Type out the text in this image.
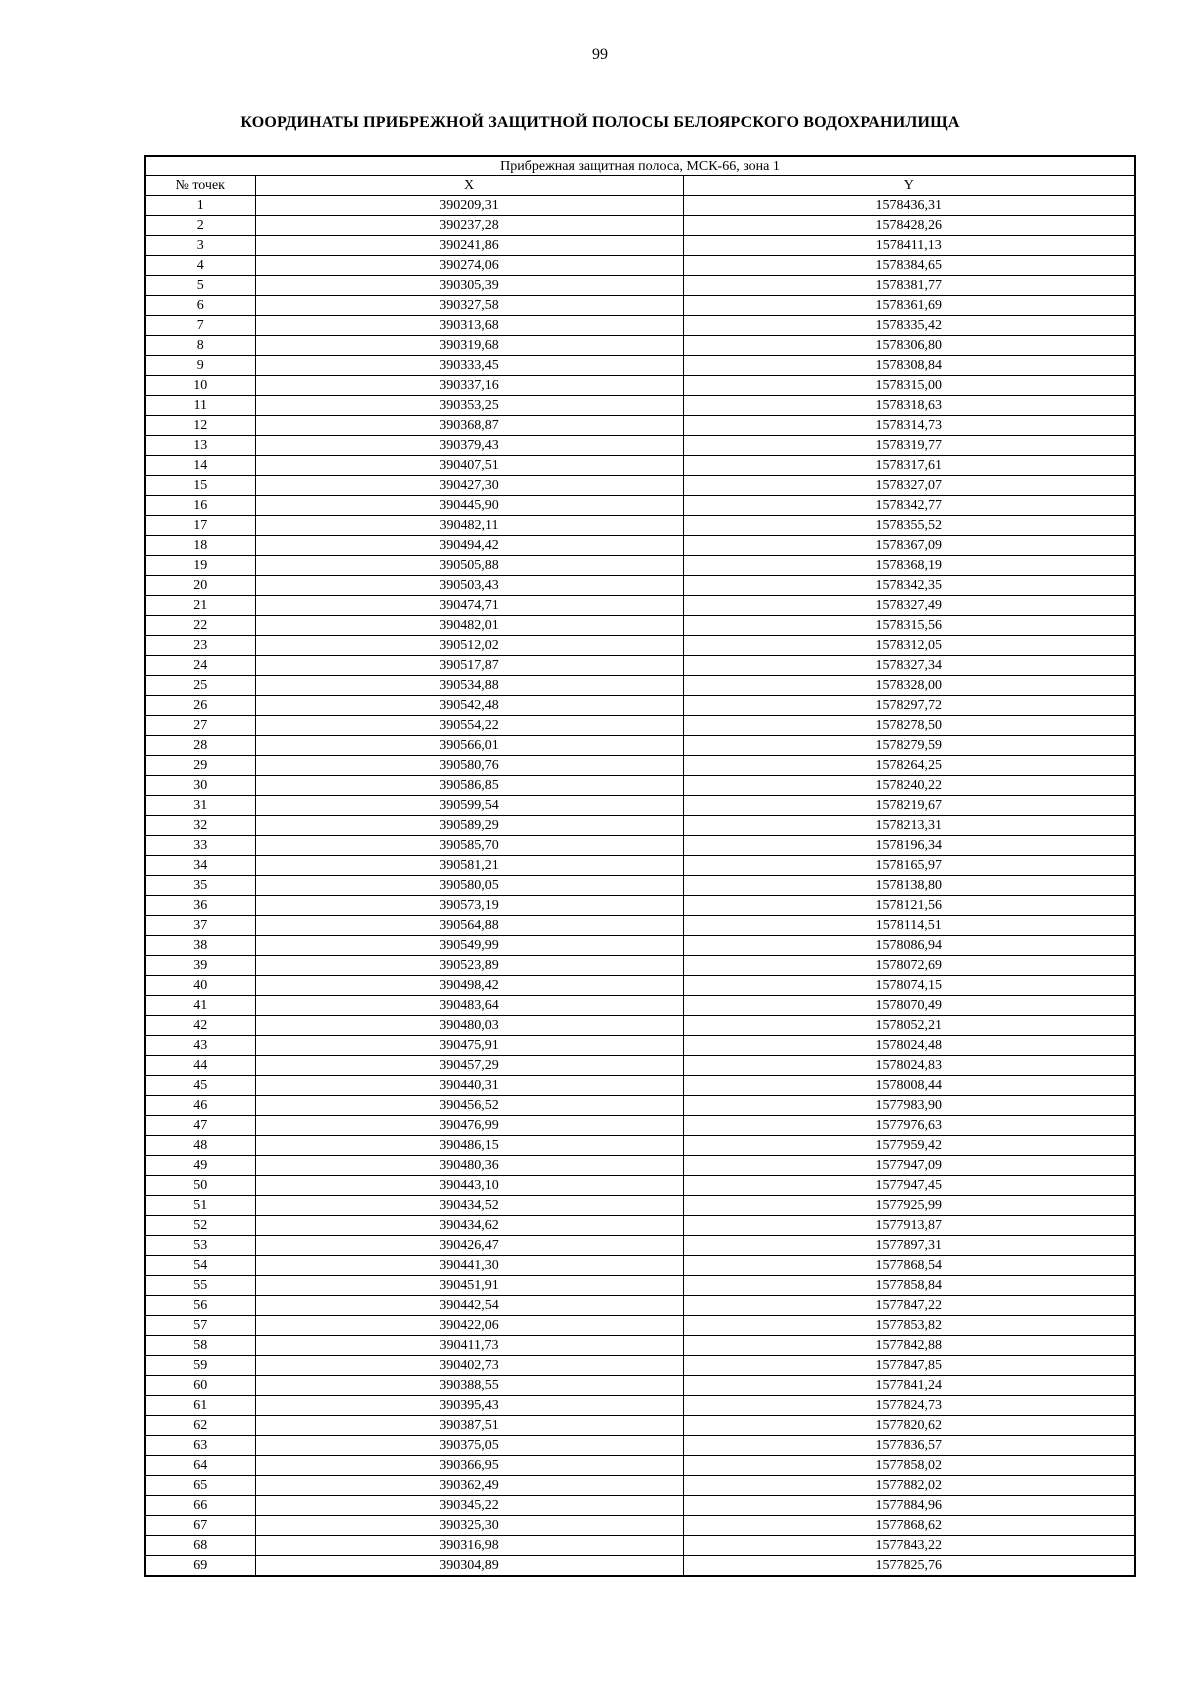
99
КООРДИНАТЫ ПРИБРЕЖНОЙ ЗАЩИТНОЙ ПОЛОСЫ БЕЛОЯРСКОГО ВОДОХРАНИЛИЩА
Прибрежная защитная полоса, МСК-66, зона 1		
№ точек	X	Y
1	390209,31	1578436,31
2	390237,28	1578428,26
3	390241,86	1578411,13
4	390274,06	1578384,65
5	390305,39	1578381,77
6	390327,58	1578361,69
7	390313,68	1578335,42
8	390319,68	1578306,80
9	390333,45	1578308,84
10	390337,16	1578315,00
11	390353,25	1578318,63
12	390368,87	1578314,73
13	390379,43	1578319,77
14	390407,51	1578317,61
15	390427,30	1578327,07
16	390445,90	1578342,77
17	390482,11	1578355,52
18	390494,42	1578367,09
19	390505,88	1578368,19
20	390503,43	1578342,35
21	390474,71	1578327,49
22	390482,01	1578315,56
23	390512,02	1578312,05
24	390517,87	1578327,34
25	390534,88	1578328,00
26	390542,48	1578297,72
27	390554,22	1578278,50
28	390566,01	1578279,59
29	390580,76	1578264,25
30	390586,85	1578240,22
31	390599,54	1578219,67
32	390589,29	1578213,31
33	390585,70	1578196,34
34	390581,21	1578165,97
35	390580,05	1578138,80
36	390573,19	1578121,56
37	390564,88	1578114,51
38	390549,99	1578086,94
39	390523,89	1578072,69
40	390498,42	1578074,15
41	390483,64	1578070,49
42	390480,03	1578052,21
43	390475,91	1578024,48
44	390457,29	1578024,83
45	390440,31	1578008,44
46	390456,52	1577983,90
47	390476,99	1577976,63
48	390486,15	1577959,42
49	390480,36	1577947,09
50	390443,10	1577947,45
51	390434,52	1577925,99
52	390434,62	1577913,87
53	390426,47	1577897,31
54	390441,30	1577868,54
55	390451,91	1577858,84
56	390442,54	1577847,22
57	390422,06	1577853,82
58	390411,73	1577842,88
59	390402,73	1577847,85
60	390388,55	1577841,24
61	390395,43	1577824,73
62	390387,51	1577820,62
63	390375,05	1577836,57
64	390366,95	1577858,02
65	390362,49	1577882,02
66	390345,22	1577884,96
67	390325,30	1577868,62
68	390316,98	1577843,22
69	390304,89	1577825,76
